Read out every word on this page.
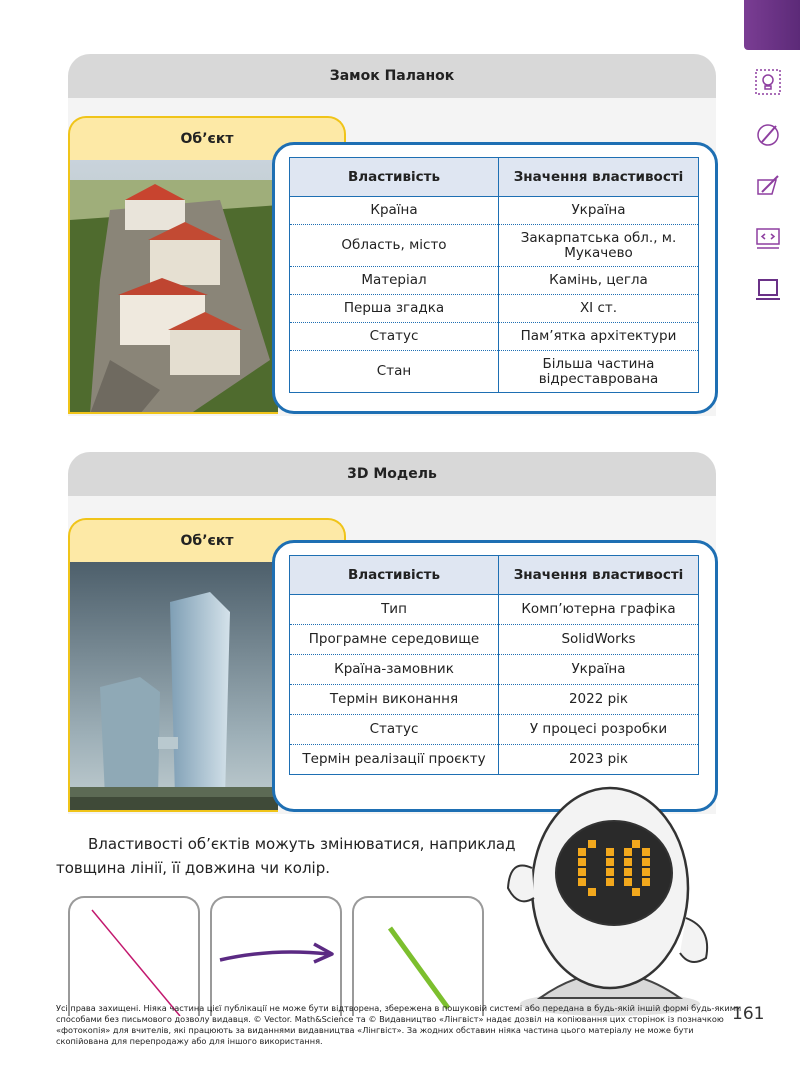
Замок Паланок
Об’єкт
Властивість	Значення властивості
Країна	Україна
Область, місто	Закарпатська обл., м. Мукачево
Матеріал	Камінь, цегла
Перша згадка	ХІ ст.
Статус	Пам’ятка архітектури
Стан	Більша частина відреставрована
3D Модель
Об’єкт
Властивість	Значення властивості
Тип	Комп’ютерна графіка
Програмне середовище	SolidWorks
Країна-замовник	Україна
Термін виконання	2022 рік
Статус	У процесі розробки
Термін реалізації проєкту	2023 рік

Властивості об’єктів можуть змінюватися, наприклад

товщина лінії, її довжина чи колір.
Усі права захищені. Ніяка частина цієї публікації не може бути відтворена, збережена в пошуковій системі або передана в будь-якій іншій формі будь-якими способами без письмового дозволу видавця. © Vector. Math&Science та © Видавництво «Лінгвіст» надає дозвіл на копіювання цих сторінок із позначкою «фотокопія» для вчителів, які працюють за виданнями видавництва «Лінгвіст». За жодних обставин ніяка частина цього матеріалу не може бути скопійована для перепродажу або для іншого використання.
161
